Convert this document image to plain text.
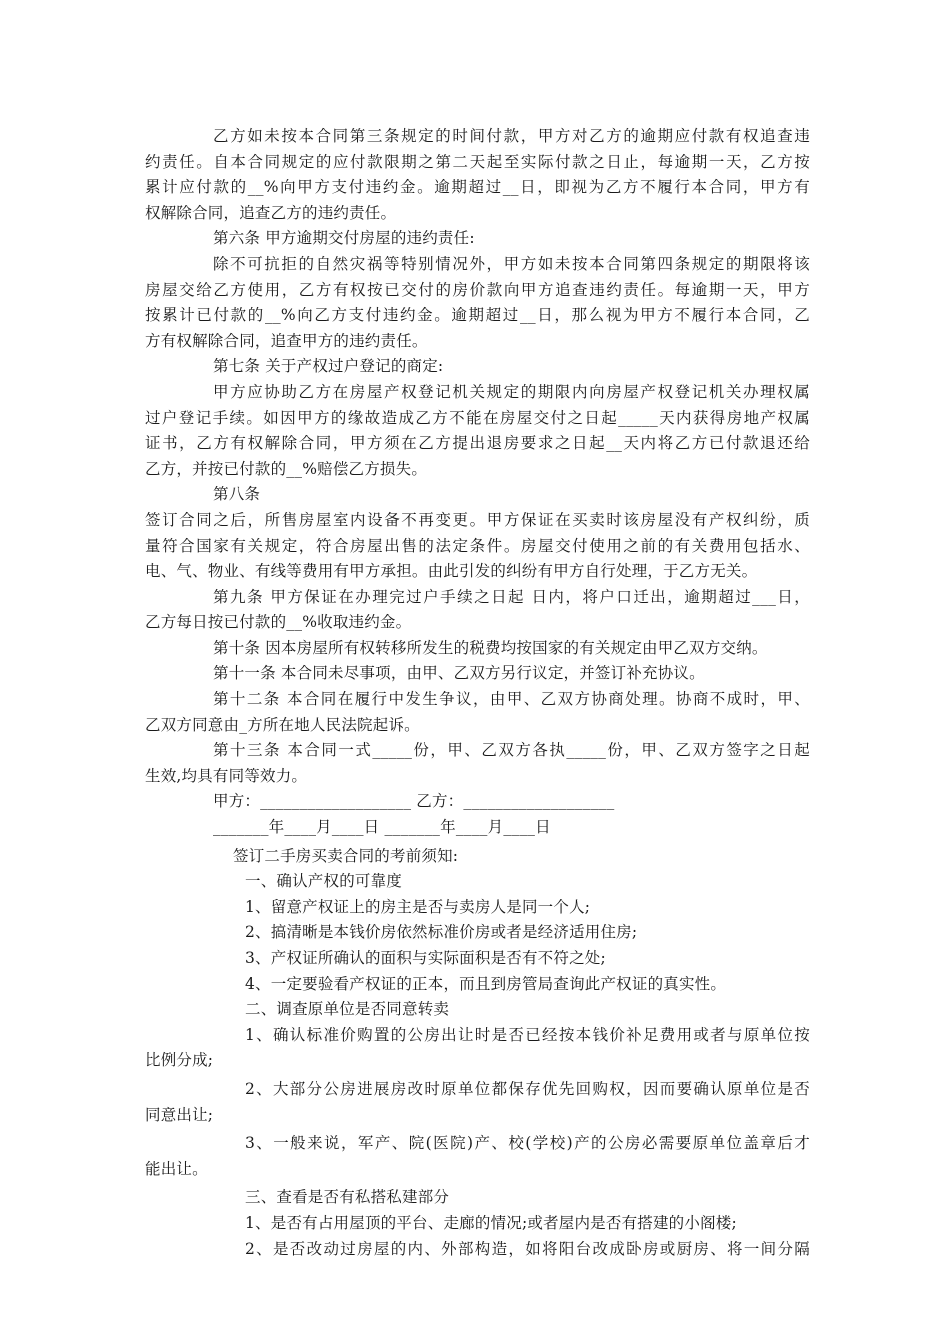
乙方如未按本合同第三条规定的时间付款，甲方对乙方的逾期应付款有权追查违
约责任。自本合同规定的应付款限期之第二天起至实际付款之日止，每逾期一天，乙方按
累计应付款的__%向甲方支付违约金。逾期超过__日，即视为乙方不履行本合同，甲方有
权解除合同，追查乙方的违约责任。
第六条 甲方逾期交付房屋的违约责任:
除不可抗拒的自然灾祸等特别情况外，甲方如未按本合同第四条规定的期限将该
房屋交给乙方使用，乙方有权按已交付的房价款向甲方追查违约责任。每逾期一天，甲方
按累计已付款的__%向乙方支付违约金。逾期超过__日，那么视为甲方不履行本合同，乙
方有权解除合同，追查甲方的违约责任。
第七条 关于产权过户登记的商定:
甲方应协助乙方在房屋产权登记机关规定的期限内向房屋产权登记机关办理权属
过户登记手续。如因甲方的缘故造成乙方不能在房屋交付之日起_____天内获得房地产权属
证书，乙方有权解除合同，甲方须在乙方提出退房要求之日起__天内将乙方已付款退还给
乙方，并按已付款的__%赔偿乙方损失。
第八条
签订合同之后，所售房屋室内设备不再变更。甲方保证在买卖时该房屋没有产权纠纷，质
量符合国家有关规定，符合房屋出售的法定条件。房屋交付使用之前的有关费用包括水、
电、气、物业、有线等费用有甲方承担。由此引发的纠纷有甲方自行处理，于乙方无关。
第九条 甲方保证在办理完过户手续之日起 日内，将户口迁出，逾期超过___日，
乙方每日按已付款的__%收取违约金。
第十条 因本房屋所有权转移所发生的税费均按国家的有关规定由甲乙双方交纳。
第十一条 本合同未尽事项，由甲、乙双方另行议定，并签订补充协议。
第十二条 本合同在履行中发生争议，由甲、乙双方协商处理。协商不成时，甲、
乙双方同意由_方所在地人民法院起诉。
第十三条 本合同一式_____份，甲、乙双方各执_____份，甲、乙双方签字之日起
生效,均具有同等效力。
甲方：___________________ 乙方：___________________
_______年____月____日 _______年____月____日
签订二手房买卖合同的考前须知:
一、确认产权的可靠度
1、留意产权证上的房主是否与卖房人是同一个人;
2、搞清晰是本钱价房依然标准价房或者是经济适用住房;
3、产权证所确认的面积与实际面积是否有不符之处;
4、一定要验看产权证的正本，而且到房管局查询此产权证的真实性。
二、调查原单位是否同意转卖
1、确认标准价购置的公房出让时是否已经按本钱价补足费用或者与原单位按
比例分成;
2、大部分公房进展房改时原单位都保存优先回购权，因而要确认原单位是否
同意出让;
3、一般来说，军产、院(医院)产、校(学校)产的公房必需要原单位盖章后才
能出让。
三、查看是否有私搭私建部分
1、是否有占用屋顶的平台、走廊的情况;或者屋内是否有搭建的小阁楼;
2、是否改动过房屋的内、外部构造，如将阳台改成卧房或厨房、将一间分隔
